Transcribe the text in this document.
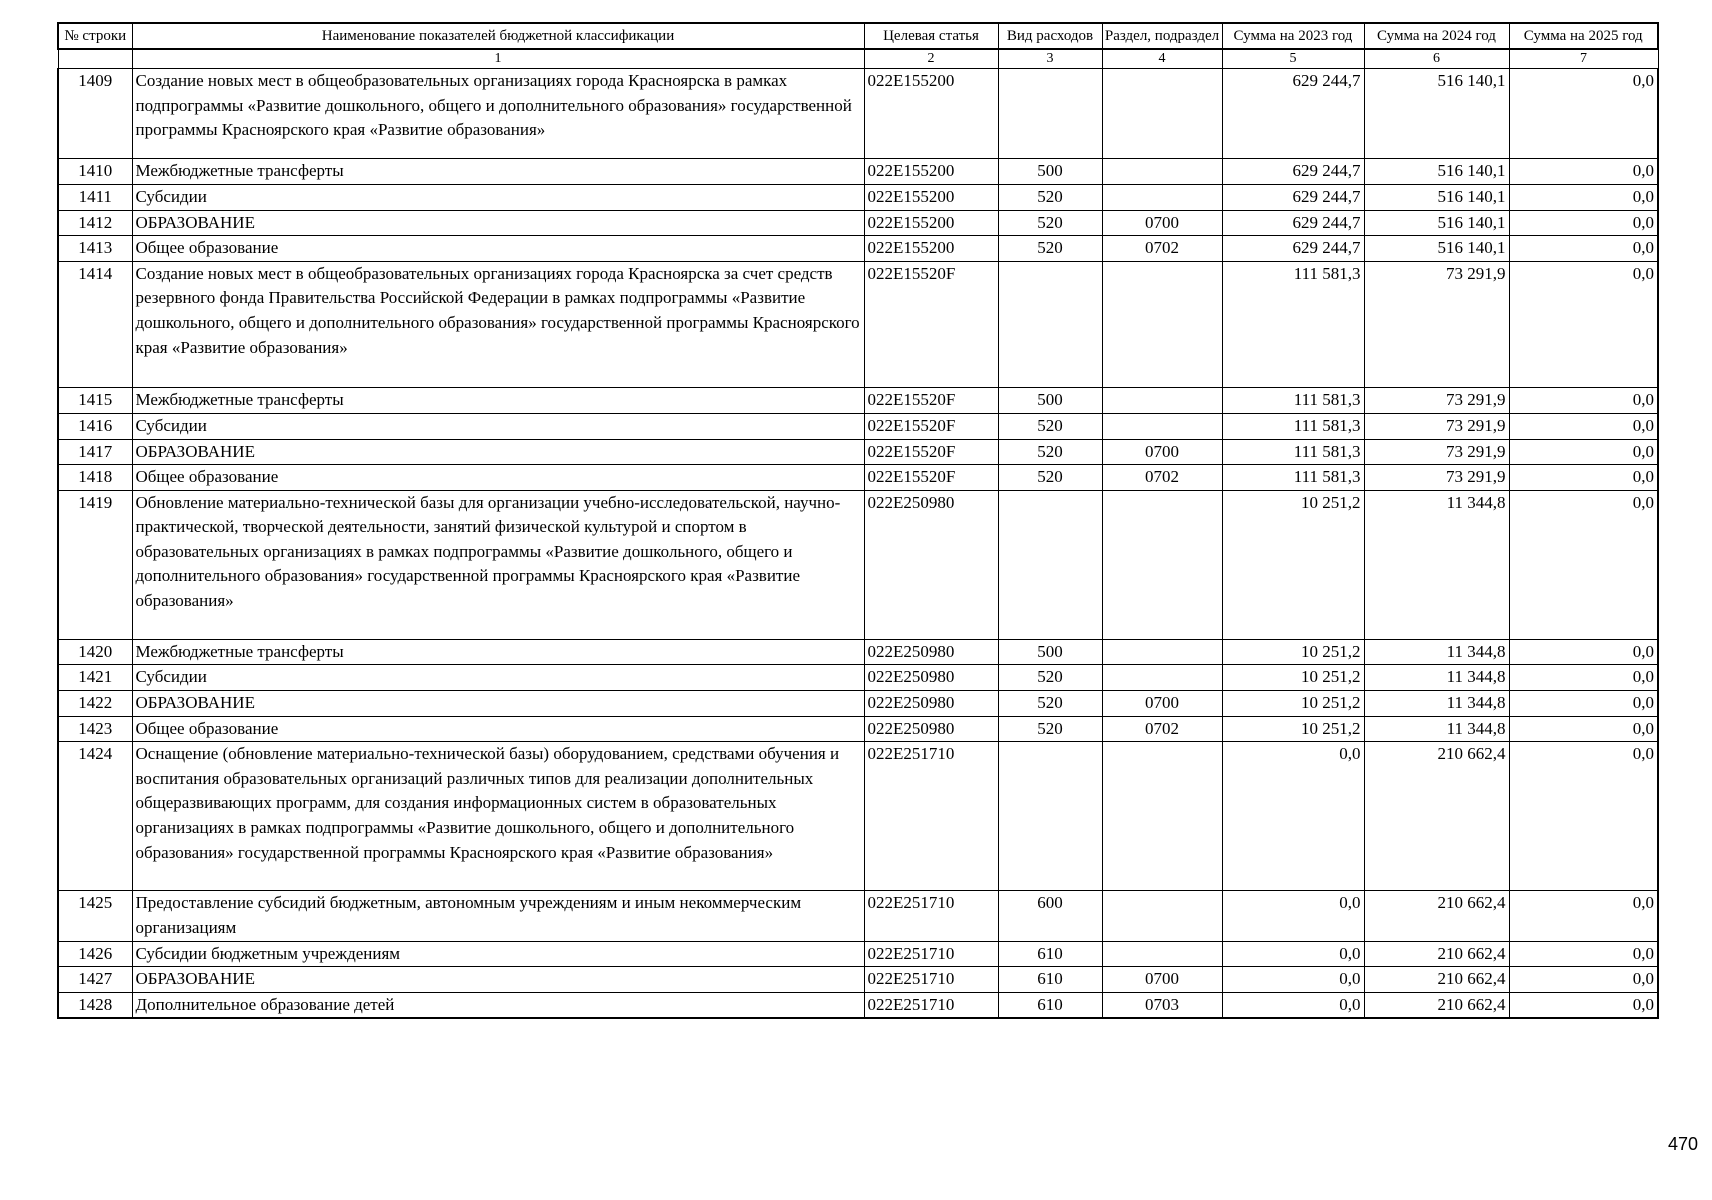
№ строки	Наименование показателей бюджетной классификации	Целевая статья	Вид расходов	Раздел, подраздел	Сумма на 2023 год	Сумма на 2024 год	Сумма на 2025 год
	1	2	3	4	5	6	7
1409	Создание новых мест в общеобразовательных организациях города Красноярска в рамках подпрограммы «Развитие дошкольного, общего и дополнительного образования» государственной программы Красноярского края «Развитие образования»	022E155200			629 244,7	516 140,1	0,0
1410	Межбюджетные трансферты	022E155200	500		629 244,7	516 140,1	0,0
1411	Субсидии	022E155200	520		629 244,7	516 140,1	0,0
1412	ОБРАЗОВАНИЕ	022E155200	520	0700	629 244,7	516 140,1	0,0
1413	Общее образование	022E155200	520	0702	629 244,7	516 140,1	0,0
1414	Создание новых мест в общеобразовательных организациях города Красноярска за счет средств резервного фонда Правительства Российской Федерации в рамках подпрограммы «Развитие дошкольного, общего и дополнительного образования» государственной программы Красноярского края «Развитие образования»	022E15520F			111 581,3	73 291,9	0,0
1415	Межбюджетные трансферты	022E15520F	500		111 581,3	73 291,9	0,0
1416	Субсидии	022E15520F	520		111 581,3	73 291,9	0,0
1417	ОБРАЗОВАНИЕ	022E15520F	520	0700	111 581,3	73 291,9	0,0
1418	Общее образование	022E15520F	520	0702	111 581,3	73 291,9	0,0
1419	Обновление материально-технической базы для организации учебно-исследовательской, научно-практической, творческой деятельности, занятий физической культурой и спортом в образовательных организациях в рамках подпрограммы «Развитие дошкольного, общего и дополнительного образования» государственной программы Красноярского края «Развитие образования»	022E250980			10 251,2	11 344,8	0,0
1420	Межбюджетные трансферты	022E250980	500		10 251,2	11 344,8	0,0
1421	Субсидии	022E250980	520		10 251,2	11 344,8	0,0
1422	ОБРАЗОВАНИЕ	022E250980	520	0700	10 251,2	11 344,8	0,0
1423	Общее образование	022E250980	520	0702	10 251,2	11 344,8	0,0
1424	Оснащение (обновление материально-технической базы) оборудованием, средствами обучения и воспитания образовательных организаций различных типов для реализации дополнительных общеразвивающих программ, для создания информационных систем в образовательных организациях в рамках подпрограммы «Развитие дошкольного, общего и дополнительного образования» государственной программы Красноярского края «Развитие образования»	022E251710			0,0	210 662,4	0,0
1425	Предоставление субсидий бюджетным, автономным учреждениям и иным некоммерческим организациям	022E251710	600		0,0	210 662,4	0,0
1426	Субсидии бюджетным учреждениям	022E251710	610		0,0	210 662,4	0,0
1427	ОБРАЗОВАНИЕ	022E251710	610	0700	0,0	210 662,4	0,0
1428	Дополнительное образование детей	022E251710	610	0703	0,0	210 662,4	0,0
470
